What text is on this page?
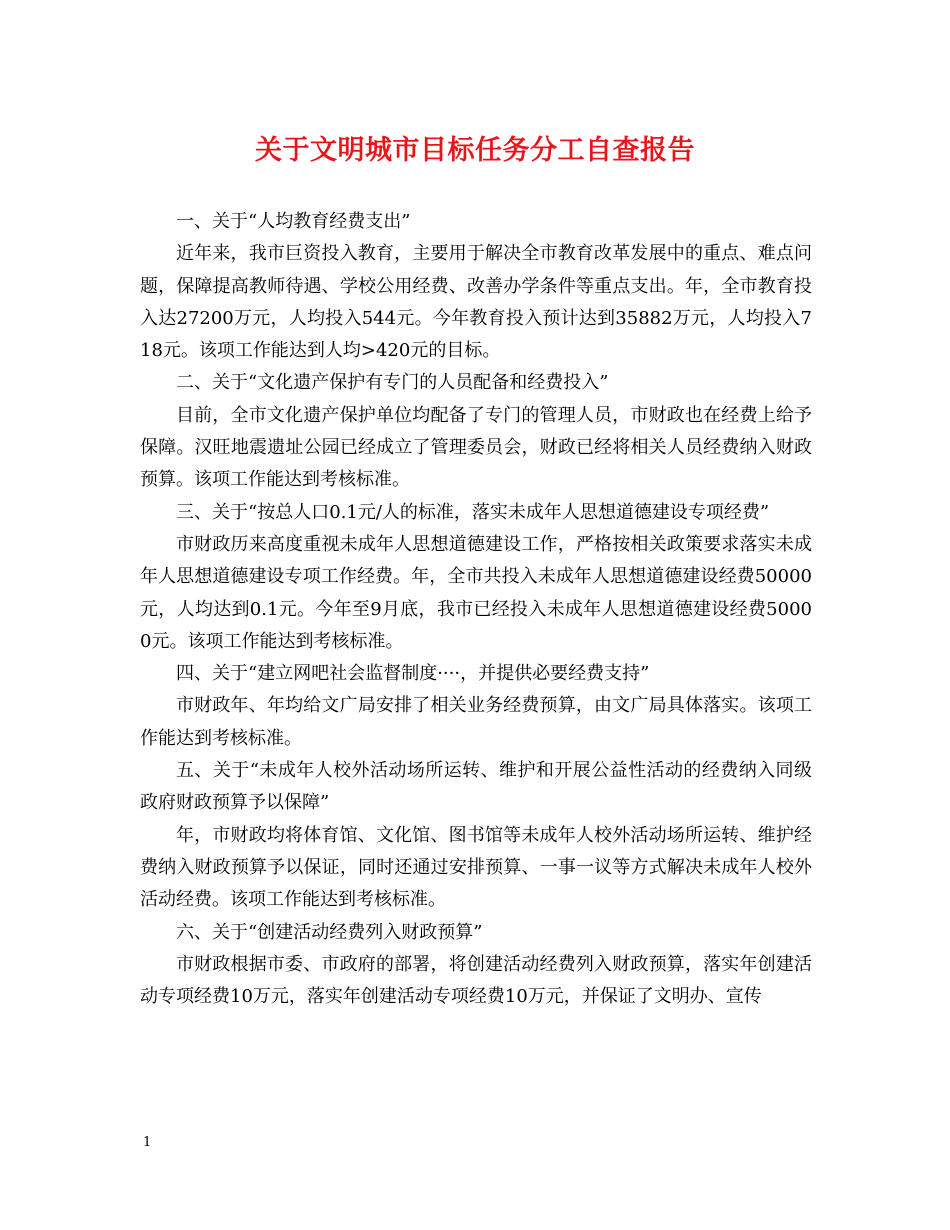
关于文明城市目标任务分工自查报告

一、关于“人均教育经费支出”

近年来，我市巨资投入教育，主要用于解决全市教育改革发展中的重点、难点问题，保障提高教师待遇、学校公用经费、改善办学条件等重点支出。年，全市教育投入达27200万元，人均投入544元。今年教育投入预计达到35882万元，人均投入718元。该项工作能达到人均>420元的目标。

二、关于“文化遗产保护有专门的人员配备和经费投入”

目前，全市文化遗产保护单位均配备了专门的管理人员，市财政也在经费上给予保障。汉旺地震遗址公园已经成立了管理委员会，财政已经将相关人员经费纳入财政预算。该项工作能达到考核标准。

三、关于“按总人口0.1元/人的标准，落实未成年人思想道德建设专项经费”

市财政历来高度重视未成年人思想道德建设工作，严格按相关政策要求落实未成年人思想道德建设专项工作经费。年，全市共投入未成年人思想道德建设经费50000元，人均达到0.1元。今年至9月底，我市已经投入未成年人思想道德建设经费50000元。该项工作能达到考核标准。

四、关于“建立网吧社会监督制度····，并提供必要经费支持”

市财政年、年均给文广局安排了相关业务经费预算，由文广局具体落实。该项工作能达到考核标准。

五、关于“未成年人校外活动场所运转、维护和开展公益性活动的经费纳入同级政府财政预算予以保障”

年，市财政均将体育馆、文化馆、图书馆等未成年人校外活动场所运转、维护经费纳入财政预算予以保证，同时还通过安排预算、一事一议等方式解决未成年人校外活动经费。该项工作能达到考核标准。

六、关于“创建活动经费列入财政预算”

市财政根据市委、市政府的部署，将创建活动经费列入财政预算，落实年创建活动专项经费10万元，落实年创建活动专项经费10万元，并保证了文明办、宣传

1
